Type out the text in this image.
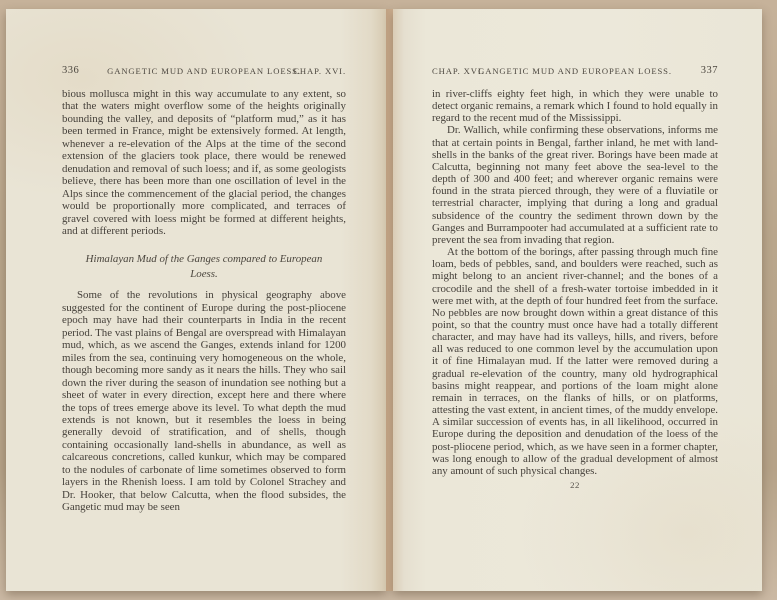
336	GANGETIC MUD AND EUROPEAN LOESS.
CHAP. XVI.

bious mollusca might in this way accumulate to any extent, so that the waters might overflow some of the heights originally bounding the valley, and deposits of “platform mud,” as it has been termed in France, might be extensively formed. At length, whenever a re-elevation of the Alps at the time of the second extension of the glaciers took place, there would be renewed denudation and removal of such loess; and if, as some geologists believe, there has been more than one oscillation of level in the Alps since the commencement of the glacial period, the changes would be proportionally more complicated, and terraces of gravel covered with loess might be formed at different heights, and at different periods.

Himalayan Mud of the Ganges compared to European
Loess.

Some of the revolutions in physical geography above suggested for the continent of Europe during the post-pliocene epoch may have had their counterparts in India in the recent period. The vast plains of Bengal are overspread with Himalayan mud, which, as we ascend the Ganges, extends inland for 1200 miles from the sea, continuing very homogeneous on the whole, though becoming more sandy as it nears the hills. They who sail down the river during the season of inundation see nothing but a sheet of water in every direction, except here and there where the tops of trees emerge above its level. To what depth the mud extends is not known, but it resembles the loess in being generally devoid of stratification, and of shells, though containing occasionally land-shells in abundance, as well as calcareous concretions, called kunkur, which may be compared to the nodules of carbonate of lime sometimes observed to form layers in the Rhenish loess. I am told by Colonel Strachey and Dr. Hooker, that below Calcutta, when the flood subsides, the Gangetic mud may be seen

CHAP. XVI.
GANGETIC MUD AND EUROPEAN LOESS.	337

in river-cliffs eighty feet high, in which they were unable to detect organic remains, a remark which I found to hold equally in regard to the recent mud of the Mississippi.

Dr. Wallich, while confirming these observations, informs me that at certain points in Bengal, farther inland, he met with land-shells in the banks of the great river. Borings have been made at Calcutta, beginning not many feet above the sea-level to the depth of 300 and 400 feet; and wherever organic remains were found in the strata pierced through, they were of a fluviatile or terrestrial character, implying that during a long and gradual subsidence of the country the sediment thrown down by the Ganges and Burrampooter had accumulated at a sufficient rate to prevent the sea from invading that region.

At the bottom of the borings, after passing through much fine loam, beds of pebbles, sand, and boulders were reached, such as might belong to an ancient river-channel; and the bones of a crocodile and the shell of a fresh-water tortoise imbedded in it were met with, at the depth of four hundred feet from the surface. No pebbles are now brought down within a great distance of this point, so that the country must once have had a totally different character, and may have had its valleys, hills, and rivers, before all was reduced to one common level by the accumulation upon it of fine Himalayan mud. If the latter were removed during a gradual re-elevation of the country, many old hydrographical basins might reappear, and portions of the loam might alone remain in terraces, on the flanks of hills, or on platforms, attesting the vast extent, in ancient times, of the muddy envelope. A similar succession of events has, in all likelihood, occurred in Europe during the deposition and denudation of the loess of the post-pliocene period, which, as we have seen in a former chapter, was long enough to allow of the gradual development of almost any amount of such physical changes.

22
